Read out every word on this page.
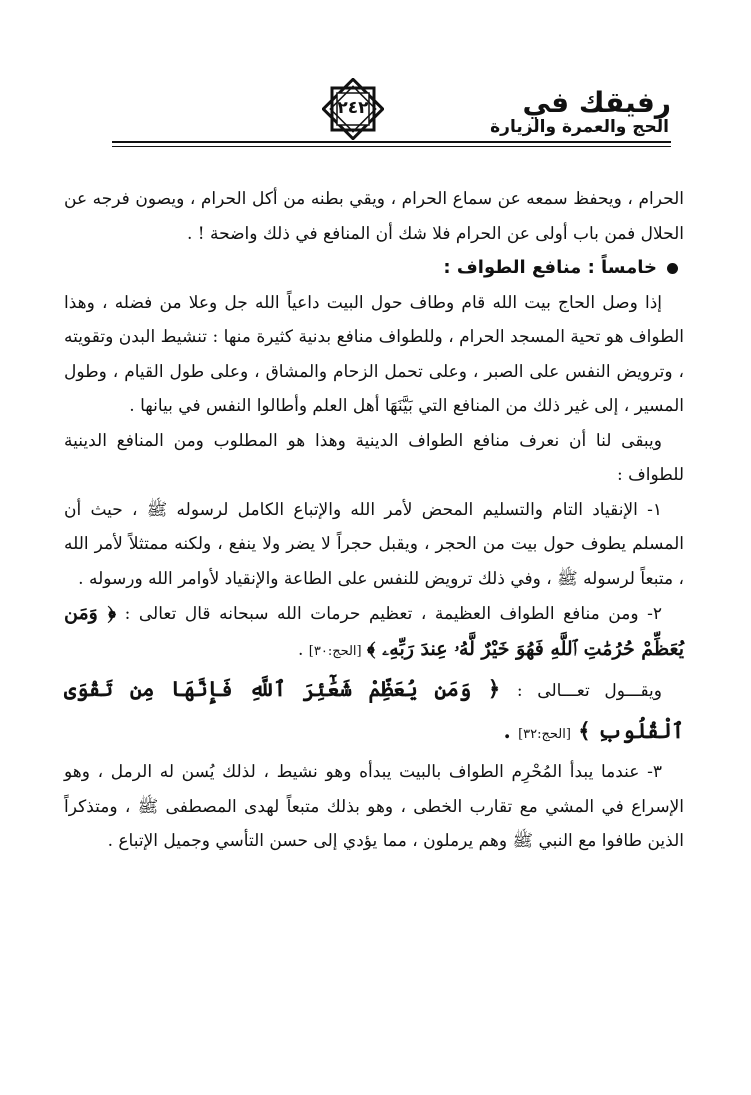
رفيقك في
الحج والعمرة والزيارة
٢٤٢

الحرام ، ويحفظ سمعه عن سماع الحرام ، ويقي بطنه من أكل الحرام ، ويصون فرجه عن الحلال فمن باب أولى عن الحرام فلا شك أن المنافع في ذلك واضحة ! .

خامساً : منافع الطواف :

إذا وصل الحاج بيت الله قام وطاف حول البيت داعياً الله جل وعلا من فضله ، وهذا الطواف هو تحية المسجد الحرام ، وللطواف منافع بدنية كثيرة منها : تنشيط البدن وتقويته ، وترويض النفس على الصبر ، وعلى تحمل الزحام والمشاق ، وعلى طول القيام ، وطول المسير ، إلى غير ذلك من المنافع التي بَيَّنَهَا أهل العلم وأطالوا النفس في بيانها .

ويبقى لنا أن نعرف منافع الطواف الدينية وهذا هو المطلوب ومن المنافع الدينية للطواف :

١- الإنقياد التام والتسليم المحض لأمر الله والإتباع الكامل لرسوله ﷺ ، حيث أن المسلم يطوف حول بيت من الحجر ، ويقبل حجراً لا يضر ولا ينفع ، ولكنه ممتثلاً لأمر الله ، متبعاً لرسوله ﷺ ، وفي ذلك ترويض للنفس على الطاعة والإنقياد لأوامر الله ورسوله .

٢- ومن منافع الطواف العظيمة ، تعظيم حرمات الله سبحانه قال تعالى : ﴿ وَمَن يُعَظِّمْ حُرُمَٰتِ ٱللَّهِ فَهُوَ خَيْرٌ لَّهُۥ عِندَ رَبِّهِۦ ﴾ [الحج:٣٠] .

ويقـــول تعـــالى : ﴿ وَمَن يُعَظِّمْ شَعَٰٓئِرَ ٱللَّهِ فَإِنَّهَا مِن تَقْوَى ٱلْقُلُوبِ ﴾ [الحج:٣٢] .

٣- عندما يبدأ المُحْرِم الطواف بالبيت يبدأه وهو نشيط ، لذلك يُسن له الرمل ، وهو الإسراع في المشي مع تقارب الخطى ، وهو بذلك متبعاً لهدى المصطفى ﷺ ، ومتذكراً الذين طافوا مع النبي ﷺ وهم يرملون ، مما يؤدي إلى حسن التأسي وجميل الإتباع .
